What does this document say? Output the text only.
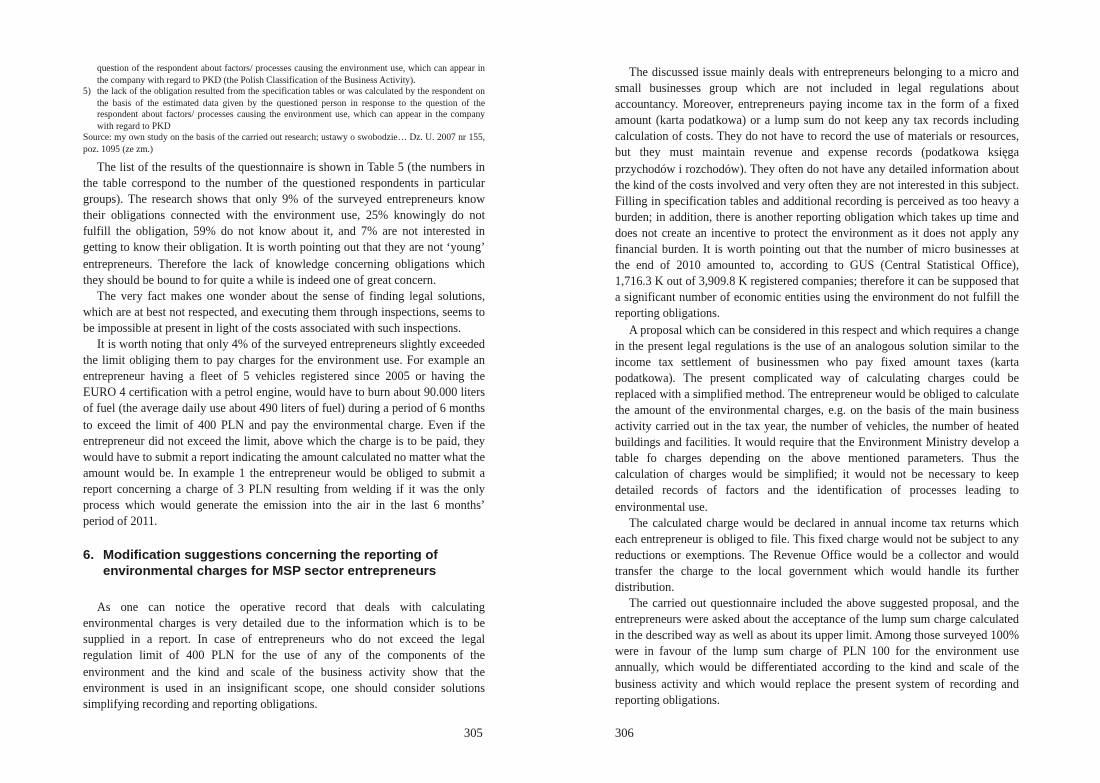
question of the respondent about factors/ processes causing the environment use, which can appear in the company with regard to PKD (the Polish Classification of the Business Activity).
5) the lack of the obligation resulted from the specification tables or was calculated by the respondent on the basis of the estimated data given by the questioned person in response to the question of the respondent about factors/ processes causing the environment use, which can appear in the company with regard to PKD
Source: my own study on the basis of the carried out research; ustawy o swobodzie… Dz. U. 2007 nr 155, poz. 1095 (ze zm.)

The list of the results of the questionnaire is shown in Table 5 (the numbers in the table correspond to the number of the questioned respondents in particular groups). The research shows that only 9% of the surveyed entrepreneurs know their obligations connected with the environment use, 25% knowingly do not fulfill the obligation, 59% do not know about it, and 7% are not interested in getting to know their obligation. It is worth pointing out that they are not ‘young’ entrepreneurs. Therefore the lack of knowledge concerning obligations which they should be bound to for quite a while is indeed one of great concern.

The very fact makes one wonder about the sense of finding legal solutions, which are at best not respected, and executing them through inspections, seems to be impossible at present in light of the costs associated with such inspections.

It is worth noting that only 4% of the surveyed entrepreneurs slightly exceeded the limit obliging them to pay charges for the environment use. For example an entrepreneur having a fleet of 5 vehicles registered since 2005 or having the EURO 4 certification with a petrol engine, would have to burn about 90.000 liters of fuel (the average daily use about 490 liters of fuel) during a period of 6 months to exceed the limit of 400 PLN and pay the environmental charge. Even if the entrepreneur did not exceed the limit, above which the charge is to be paid, they would have to submit a report indicating the amount calculated no matter what the amount would be. In example 1 the entrepreneur would be obliged to submit a report concerning a charge of 3 PLN resulting from welding if it was the only process which would generate the emission into the air in the last 6 months’ period of 2011.

6. Modification suggestions concerning the reporting of environmental charges for MSP sector entrepreneurs

As one can notice the operative record that deals with calculating environmental charges is very detailed due to the information which is to be supplied in a report. In case of entrepreneurs who do not exceed the legal regulation limit of 400 PLN for the use of any of the components of the environment and the kind and scale of the business activity show that the environment is used in an insignificant scope, one should consider solutions simplifying recording and reporting obligations.

305

The discussed issue mainly deals with entrepreneurs belonging to a micro and small businesses group which are not included in legal regulations about accountancy. Moreover, entrepreneurs paying income tax in the form of a fixed amount (karta podatkowa) or a lump sum do not keep any tax records including calculation of costs. They do not have to record the use of materials or resources, but they must maintain revenue and expense records (podatkowa księga przychodów i rozchodów). They often do not have any detailed information about the kind of the costs involved and very often they are not interested in this subject. Filling in specification tables and additional recording is perceived as too heavy a burden; in addition, there is another reporting obligation which takes up time and does not create an incentive to protect the environment as it does not apply any financial burden. It is worth pointing out that the number of micro businesses at the end of 2010 amounted to, according to GUS (Central Statistical Office), 1,716.3 K out of 3,909.8 K registered companies; therefore it can be supposed that a significant number of economic entities using the environment do not fulfill the reporting obligations.

A proposal which can be considered in this respect and which requires a change in the present legal regulations is the use of an analogous solution similar to the income tax settlement of businessmen who pay fixed amount taxes (karta podatkowa). The present complicated way of calculating charges could be replaced with a simplified method. The entrepreneur would be obliged to calculate the amount of the environmental charges, e.g. on the basis of the main business activity carried out in the tax year, the number of vehicles, the number of heated buildings and facilities. It would require that the Environment Ministry develop a table fo charges depending on the above mentioned parameters. Thus the calculation of charges would be simplified; it would not be necessary to keep detailed records of factors and the identification of processes leading to environmental use.

The calculated charge would be declared in annual income tax returns which each entrepreneur is obliged to file. This fixed charge would not be subject to any reductions or exemptions. The Revenue Office would be a collector and would transfer the charge to the local government which would handle its further distribution.

The carried out questionnaire included the above suggested proposal, and the entrepreneurs were asked about the acceptance of the lump sum charge calculated in the described way as well as about its upper limit. Among those surveyed 100% were in favour of the lump sum charge of PLN 100 for the environment use annually, which would be differentiated according to the kind and scale of the business activity and which would replace the present system of recording and reporting obligations.

306
